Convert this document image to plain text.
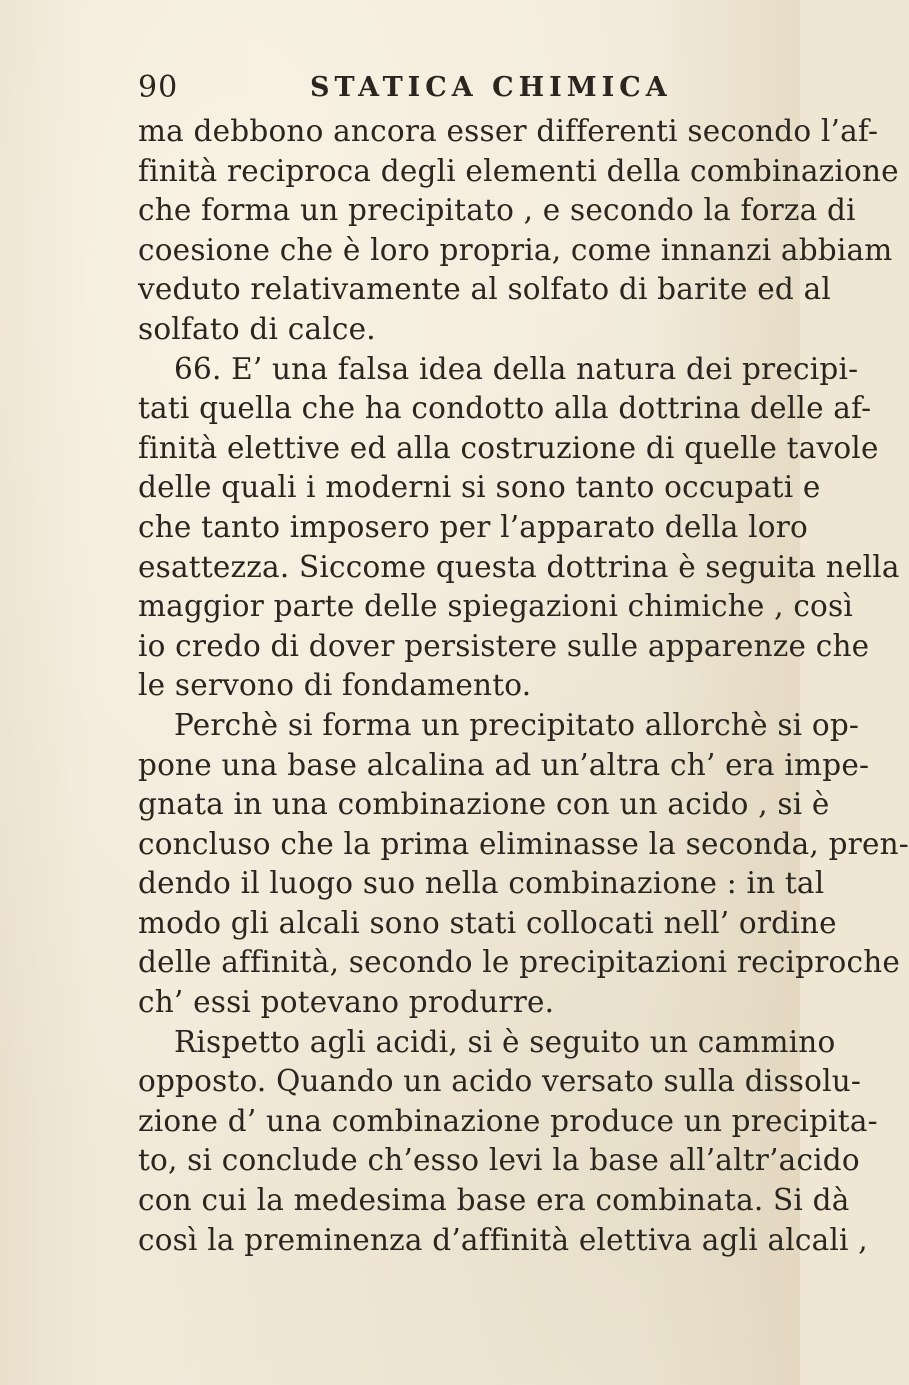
90	STATICA CHIMICA
ma debbono ancora esser differenti secondo l’af-
finità reciproca degli elementi della combinazione
che forma un precipitato , e secondo la forza di
coesione che è loro propria, come innanzi abbiam
veduto relativamente al solfato di barite ed al
solfato di calce.
66. E’ una falsa idea della natura dei precipi-
tati quella che ha condotto alla dottrina delle af-
finità elettive ed alla costruzione di quelle tavole
delle quali i moderni si sono tanto occupati e
che tanto imposero per l’apparato della loro
esattezza. Siccome questa dottrina è seguita nella
maggior parte delle spiegazioni chimiche , così
io credo di dover persistere sulle apparenze che
le servono di fondamento.
Perchè si forma un precipitato allorchè si op-
pone una base alcalina ad un’altra ch’ era impe-
gnata in una combinazione con un acido , si è
concluso che la prima eliminasse la seconda, pren-
dendo il luogo suo nella combinazione : in tal
modo gli alcali sono stati collocati nell’ ordine
delle affinità, secondo le precipitazioni reciproche
ch’ essi potevano produrre.
Rispetto agli acidi, si è seguito un cammino
opposto. Quando un acido versato sulla dissolu-
zione d’ una combinazione produce un precipita-
to, si conclude ch’esso levi la base all’altr’acido
con cui la medesima base era combinata. Si dà
così la preminenza d’affinità elettiva agli alcali ,
